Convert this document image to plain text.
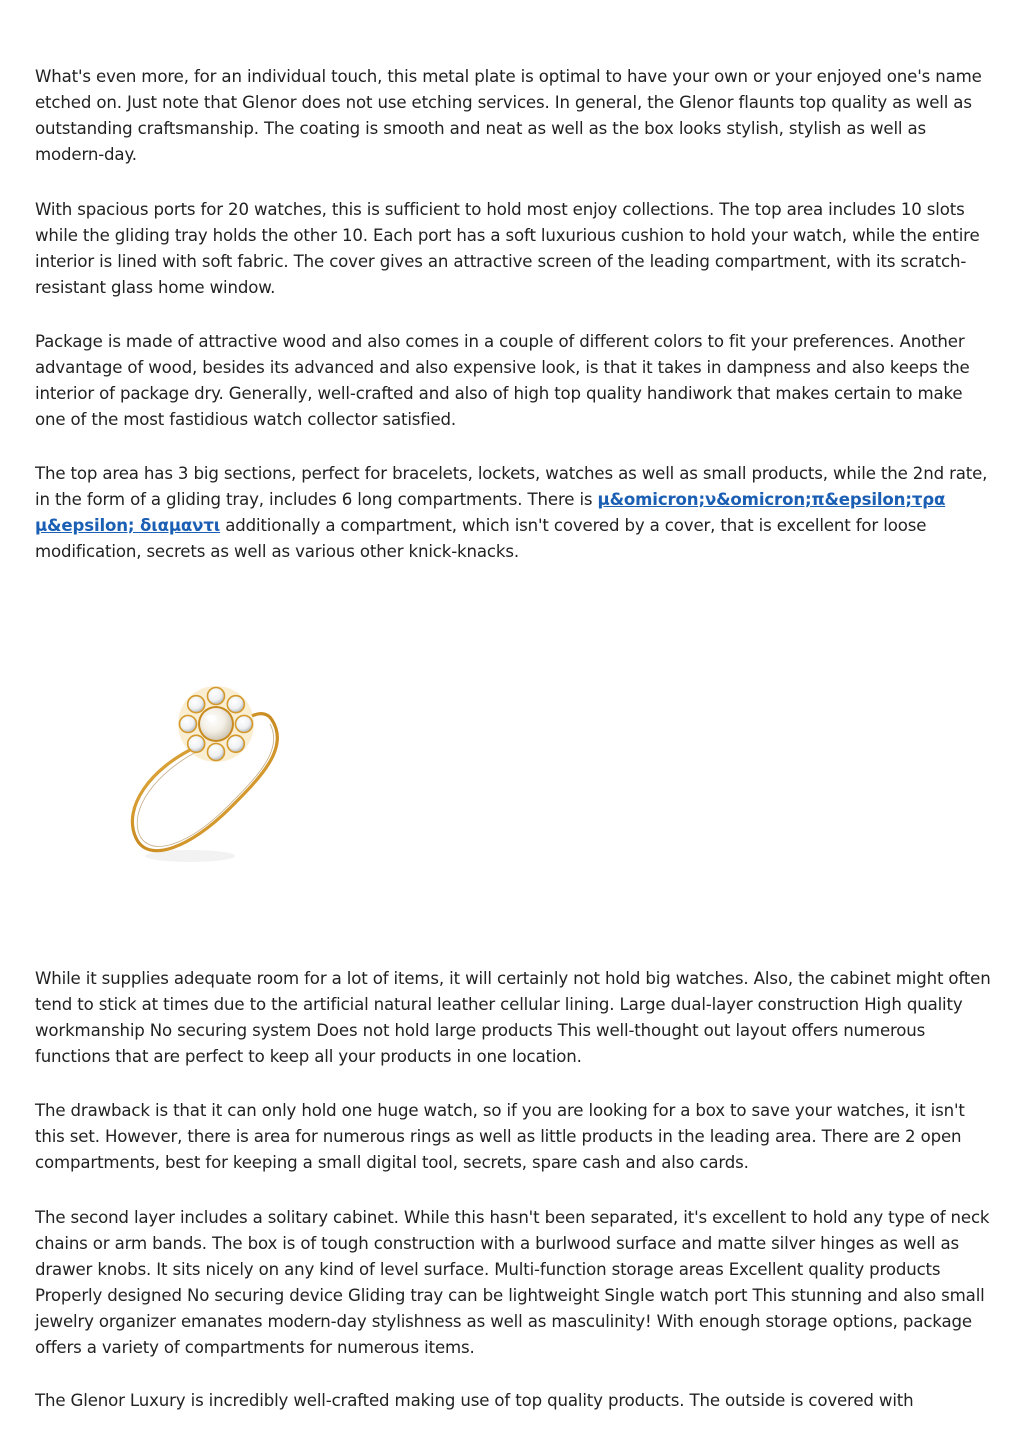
What's even more, for an individual touch, this metal plate is optimal to have your own or your enjoyed one's name etched on. Just note that Glenor does not use etching services. In general, the Glenor flaunts top quality as well as outstanding craftsmanship. The coating is smooth and neat as well as the box looks stylish, stylish as well as modern-day.

With spacious ports for 20 watches, this is sufficient to hold most enjoy collections. The top area includes 10 slots while the gliding tray holds the other 10. Each port has a soft luxurious cushion to hold your watch, while the entire interior is lined with soft fabric. The cover gives an attractive screen of the leading compartment, with its scratch-resistant glass home window.

Package is made of attractive wood and also comes in a couple of different colors to fit your preferences. Another advantage of wood, besides its advanced and also expensive look, is that it takes in dampness and also keeps the interior of package dry. Generally, well-crafted and also of high top quality handiwork that makes certain to make one of the most fastidious watch collector satisfied.

The top area has 3 big sections, perfect for bracelets, lockets, watches as well as small products, while the 2nd rate, in the form of a gliding tray, includes 6 long compartments. There is μ&omicron;ν&omicron;π&epsilon;τρα μ&epsilon; διαμαντι additionally a compartment, which isn't covered by a cover, that is excellent for loose modification, secrets as well as various other knick-knacks.

While it supplies adequate room for a lot of items, it will certainly not hold big watches. Also, the cabinet might often tend to stick at times due to the artificial natural leather cellular lining. Large dual-layer construction High quality workmanship No securing system Does not hold large products This well-thought out layout offers numerous functions that are perfect to keep all your products in one location.

The drawback is that it can only hold one huge watch, so if you are looking for a box to save your watches, it isn't this set. However, there is area for numerous rings as well as little products in the leading area. There are 2 open compartments, best for keeping a small digital tool, secrets, spare cash and also cards.

The second layer includes a solitary cabinet. While this hasn't been separated, it's excellent to hold any type of neck chains or arm bands. The box is of tough construction with a burlwood surface and matte silver hinges as well as drawer knobs. It sits nicely on any kind of level surface. Multi-function storage areas Excellent quality products Properly designed No securing device Gliding tray can be lightweight Single watch port This stunning and also small jewelry organizer emanates modern-day stylishness as well as masculinity! With enough storage options, package offers a variety of compartments for numerous items.

The Glenor Luxury is incredibly well-crafted making use of top quality products. The outside is covered with
